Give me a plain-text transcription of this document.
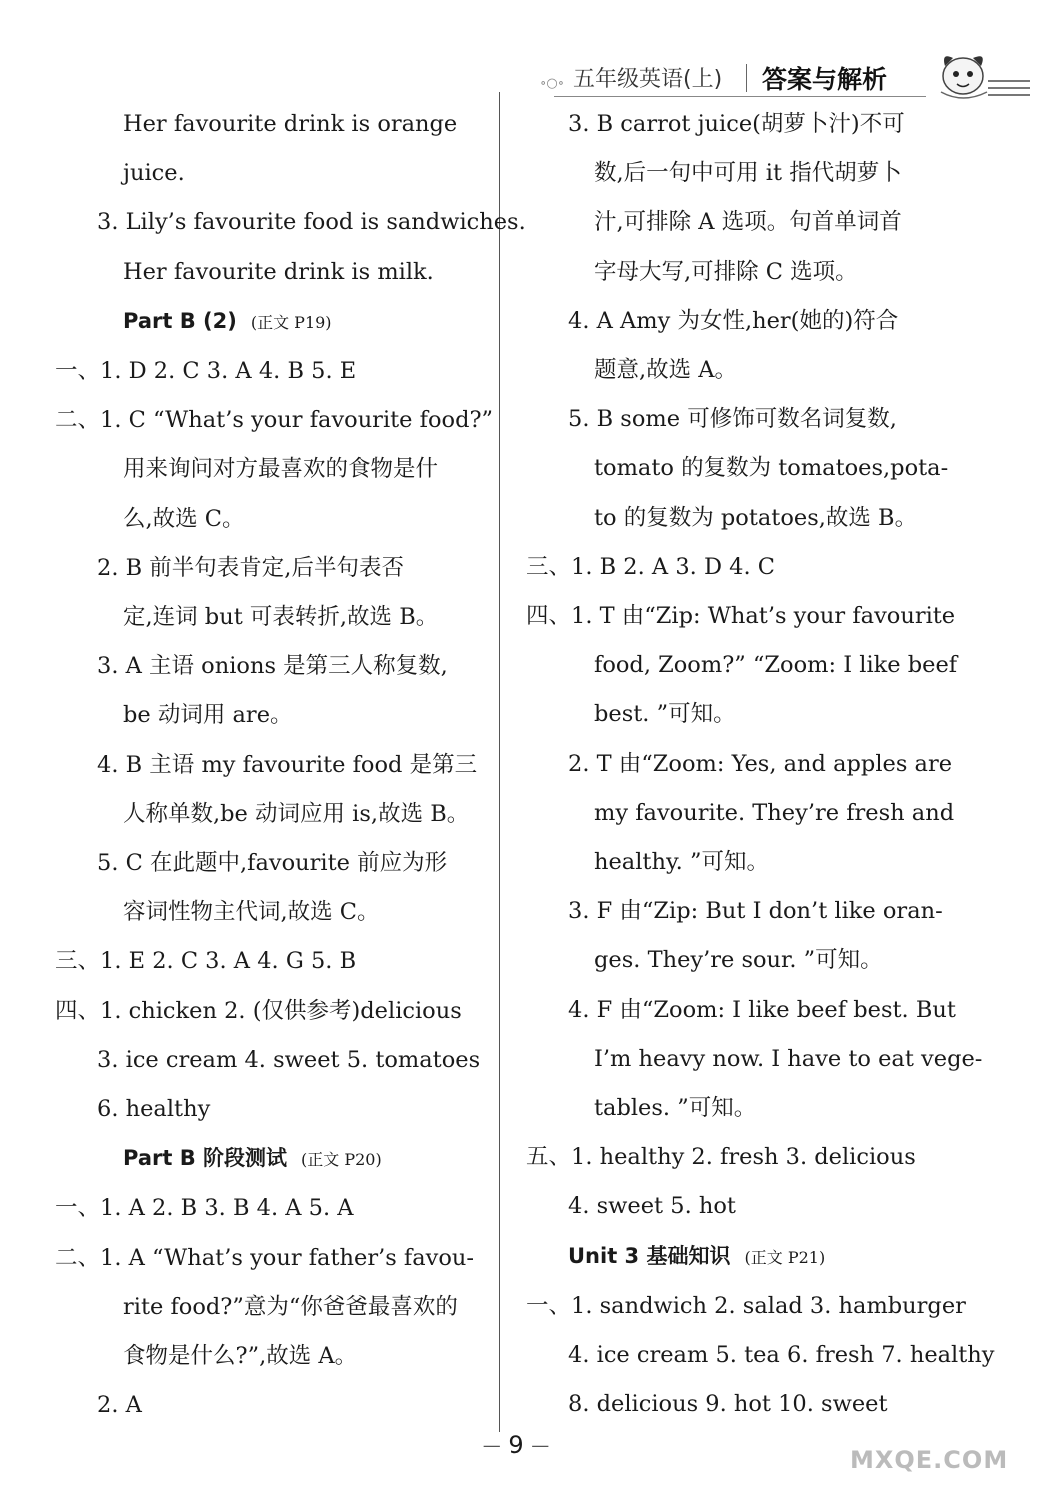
∘○∘ 五年级英语(上) 答案与解析

Her favourite drink is orange

juice.

3. Lily’s favourite food is sandwiches.

Her favourite drink is milk.

Part B (2) (正文 P19)

一、1. D 2. C 3. A 4. B 5. E

二、1. C “What’s your favourite food?”

用来询问对方最喜欢的食物是什

么,故选 C。

2. B 前半句表肯定,后半句表否

定,连词 but 可表转折,故选 B。

3. A 主语 onions 是第三人称复数,

be 动词用 are。

4. B 主语 my favourite food 是第三

人称单数,be 动词应用 is,故选 B。

5. C 在此题中,favourite 前应为形

容词性物主代词,故选 C。

三、1. E 2. C 3. A 4. G 5. B

四、1. chicken 2. (仅供参考)delicious

3. ice cream 4. sweet 5. tomatoes

6. healthy

Part B 阶段测试 (正文 P20)

一、1. A 2. B 3. B 4. A 5. A

二、1. A “What’s your father’s favou-

rite food?”意为“你爸爸最喜欢的

食物是什么?”,故选 A。

2. A

3. B carrot juice(胡萝卜汁)不可

数,后一句中可用 it 指代胡萝卜

汁,可排除 A 选项。句首单词首

字母大写,可排除 C 选项。

4. A Amy 为女性,her(她的)符合

题意,故选 A。

5. B some 可修饰可数名词复数,

tomato 的复数为 tomatoes,pota-

to 的复数为 potatoes,故选 B。

三、1. B 2. A 3. D 4. C

四、1. T 由“Zip: What’s your favourite

food, Zoom?” “Zoom: I like beef

best. ”可知。

2. T 由“Zoom: Yes, and apples are

my favourite. They’re fresh and

healthy. ”可知。

3. F 由“Zip: But I don’t like oran-

ges. They’re sour. ”可知。

4. F 由“Zoom: I like beef best. But

I’m heavy now. I have to eat vege-

tables. ”可知。

五、1. healthy 2. fresh 3. delicious

4. sweet 5. hot

Unit 3 基础知识 (正文 P21)

一、1. sandwich 2. salad 3. hamburger

4. ice cream 5. tea 6. fresh 7. healthy

8. delicious 9. hot 10. sweet

— 9 —	MXQE.COM
